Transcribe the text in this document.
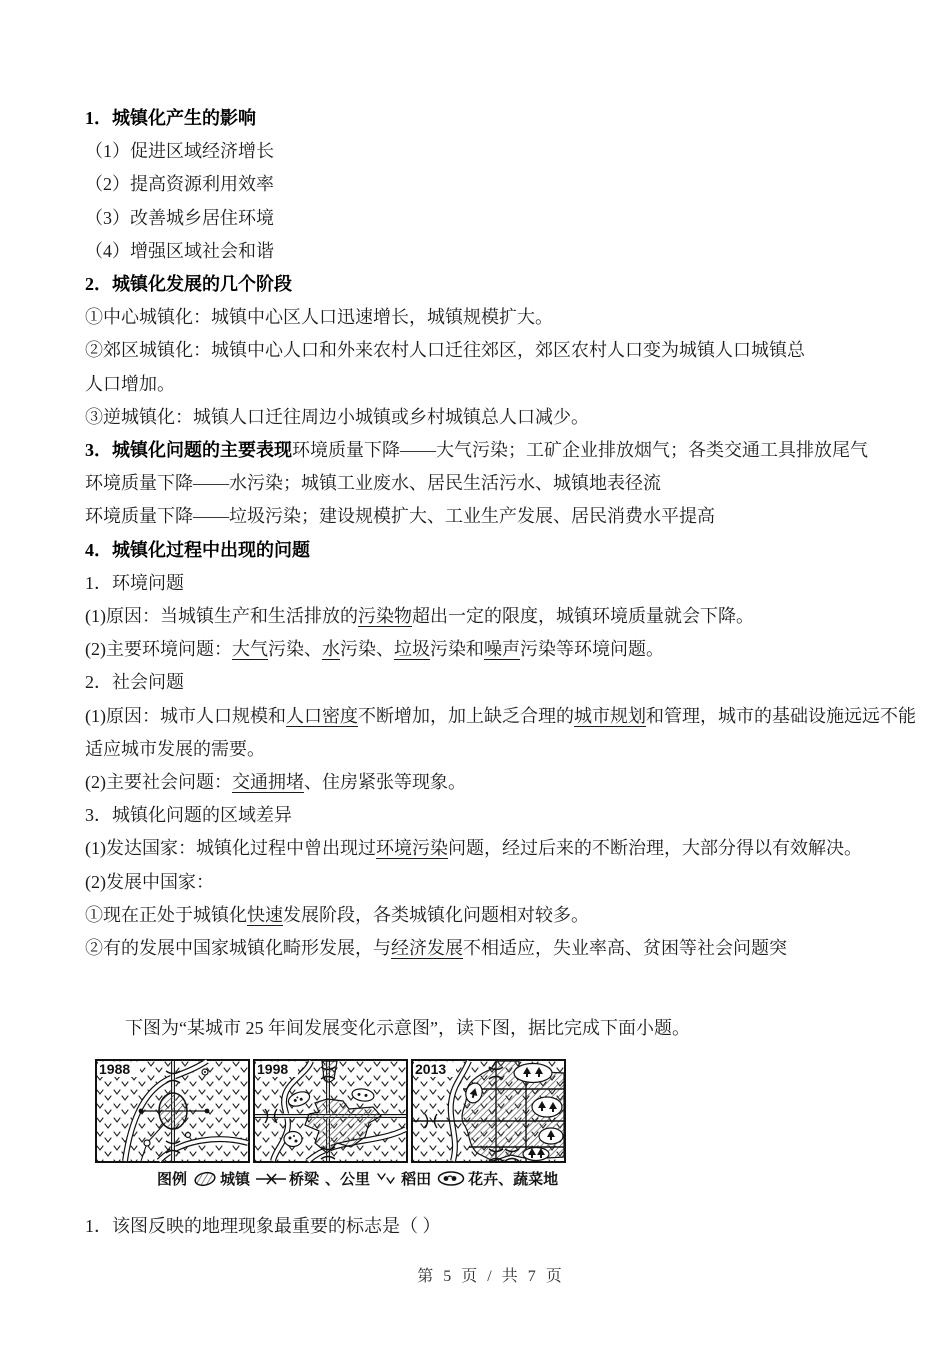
1．城镇化产生的影响
（1）促进区域经济增长
（2）提高资源利用效率
（3）改善城乡居住环境
（4）增强区域社会和谐
2．城镇化发展的几个阶段
①中心城镇化：城镇中心区人口迅速增长，城镇规模扩大。
②郊区城镇化：城镇中心人口和外来农村人口迁往郊区，郊区农村人口变为城镇人口城镇总
人口增加。
③逆城镇化：城镇人口迁往周边小城镇或乡村城镇总人口减少。
3．城镇化问题的主要表现环境质量下降——大气污染；工矿企业排放烟气；各类交通工具排放尾气
环境质量下降——水污染；城镇工业废水、居民生活污水、城镇地表径流
环境质量下降——垃圾污染；建设规模扩大、工业生产发展、居民消费水平提高
4．城镇化过程中出现的问题
1．环境问题
(1)原因：当城镇生产和生活排放的污染物超出一定的限度，城镇环境质量就会下降。
(2)主要环境问题：大气污染、水污染、垃圾污染和噪声污染等环境问题。
2．社会问题
(1)原因：城市人口规模和人口密度不断增加，加上缺乏合理的城市规划和管理，城市的基础设施远远不能
适应城市发展的需要。
(2)主要社会问题：交通拥堵、住房紧张等现象。
3．城镇化问题的区域差异
(1)发达国家：城镇化过程中曾出现过环境污染问题，经过后来的不断治理，大部分得以有效解决。
(2)发展中国家：
①现在正处于城镇化快速发展阶段，各类城镇化问题相对较多。
②有的发展中国家城镇化畸形发展，与经济发展不相适应，失业率高、贫困等社会问题突

下图为“某城市 25 年间发展变化示意图”，读下图，据比完成下面小题。

1988	1998	2013
图例 城镇	桥梁 、公里 稻田 花卉、蔬菜地

1．该图反映的地理现象最重要的标志是（ ）

第 5 页 / 共 7 页
